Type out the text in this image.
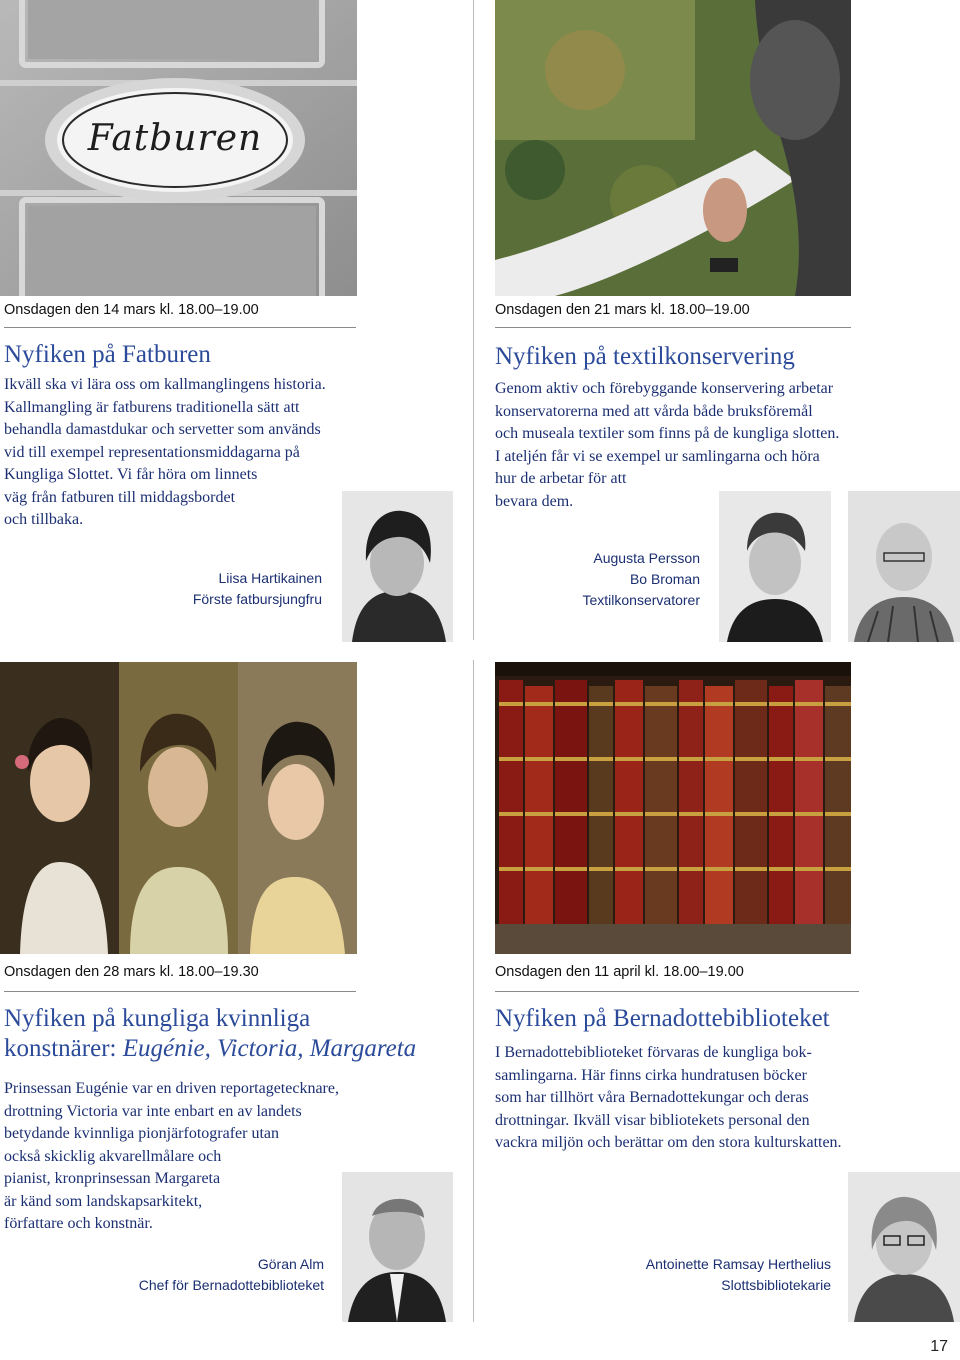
Fatburen
Onsdagen den 14 mars kl. 18.00–19.00
Nyfiken på Fatburen
Ikväll ska vi lära oss om kallmanglingens historia.
Kallmangling är fatburens traditionella sätt att
behandla damastdukar och servetter som används
vid till exempel representationsmiddagarna på
Kungliga Slottet. Vi får höra om linnets
väg från fatburen till middagsbordet
och tillbaka.
Liisa Hartikainen
Förste fatbursjungfru
Onsdagen den 21 mars kl. 18.00–19.00
Nyfiken på textilkonservering
Genom aktiv och förebyggande konservering arbetar
konservatorerna med att vårda både bruksföremål
och museala textiler som finns på de kungliga slotten.
I ateljén får vi se exempel ur samlingarna och höra
hur de arbetar för att
bevara dem.
Augusta Persson
Bo Broman
Textilkonservatorer
Onsdagen den 28 mars kl. 18.00–19.30
Nyfiken på kungliga kvinnliga
konstnärer: Eugénie, Victoria, Margareta
Prinsessan Eugénie var en driven reportagetecknare,
drottning Victoria var inte enbart en av landets
betydande kvinnliga pionjärfotografer utan
också skicklig akvarellmålare och
pianist, kronprinsessan Margareta
är känd som landskapsarkitekt,
författare och konstnär.
Göran Alm
Chef för Bernadottebiblioteket
Onsdagen den 11 april kl. 18.00–19.00
Nyfiken på Bernadottebiblioteket
I Bernadottebiblioteket förvaras de kungliga bok-
samlingarna. Här finns cirka hundratusen böcker
som har tillhört våra Bernadottekungar och deras
drottningar. Ikväll visar bibliotekets personal den
vackra miljön och berättar om den stora kulturskatten.
Antoinette Ramsay Herthelius
Slottsbibliotekarie
17
